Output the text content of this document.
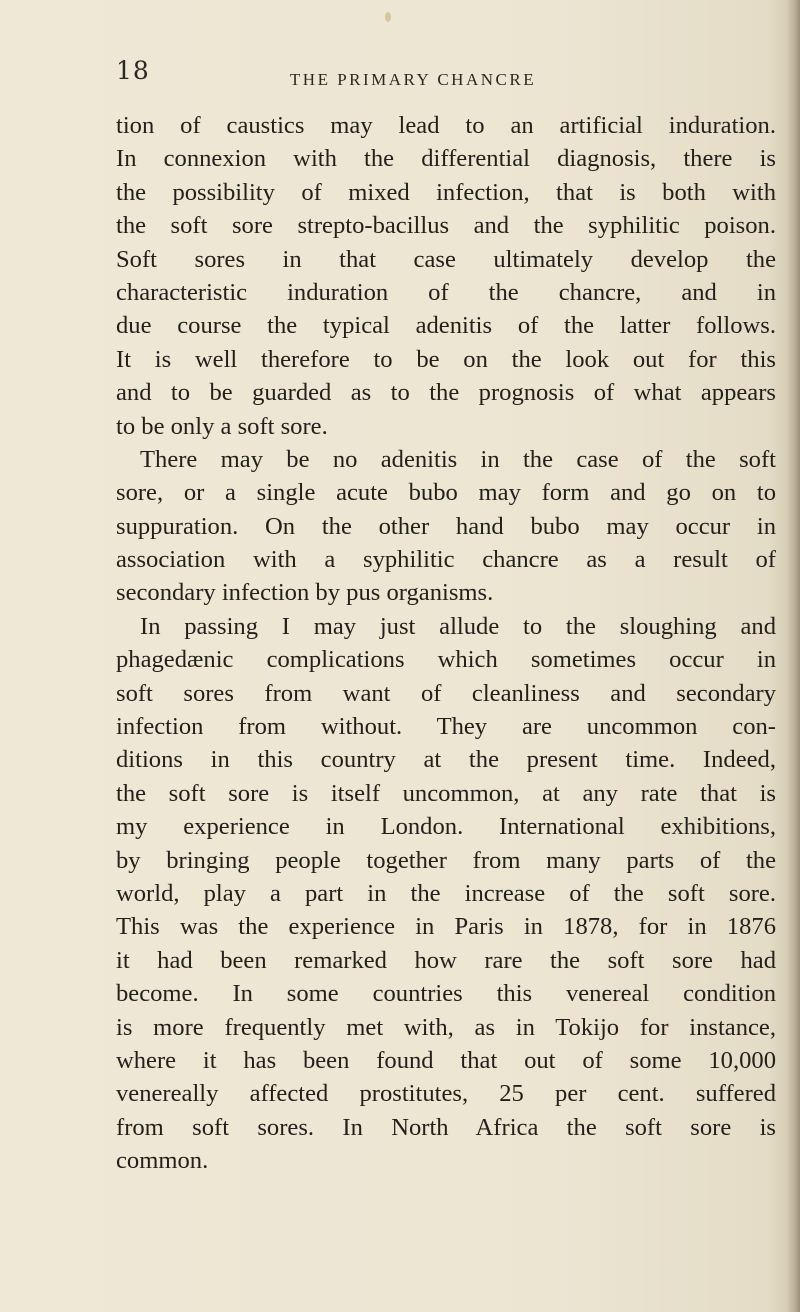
18	THE PRIMARY CHANCRE
tion of caustics may lead to an artificial induration.
In connexion with the differential diagnosis, there is
the possibility of mixed infection, that is both with
the soft sore strepto-bacillus and the syphilitic poison.
Soft sores in that case ultimately develop the
characteristic induration of the chancre, and in
due course the typical adenitis of the latter follows.
It is well therefore to be on the look out for this
and to be guarded as to the prognosis of what appears
to be only a soft sore.
There may be no adenitis in the case of the soft
sore, or a single acute bubo may form and go on to
suppuration. On the other hand bubo may occur in
association with a syphilitic chancre as a result of
secondary infection by pus organisms.
In passing I may just allude to the sloughing and
phagedænic complications which sometimes occur in
soft sores from want of cleanliness and secondary
infection from without. They are uncommon con-
ditions in this country at the present time. Indeed,
the soft sore is itself uncommon, at any rate that is
my experience in London. International exhibitions,
by bringing people together from many parts of the
world, play a part in the increase of the soft sore.
This was the experience in Paris in 1878, for in 1876
it had been remarked how rare the soft sore had
become. In some countries this venereal condition
is more frequently met with, as in Tokijo for instance,
where it has been found that out of some 10,000
venereally affected prostitutes, 25 per cent. suffered
from soft sores. In North Africa the soft sore is
common.
